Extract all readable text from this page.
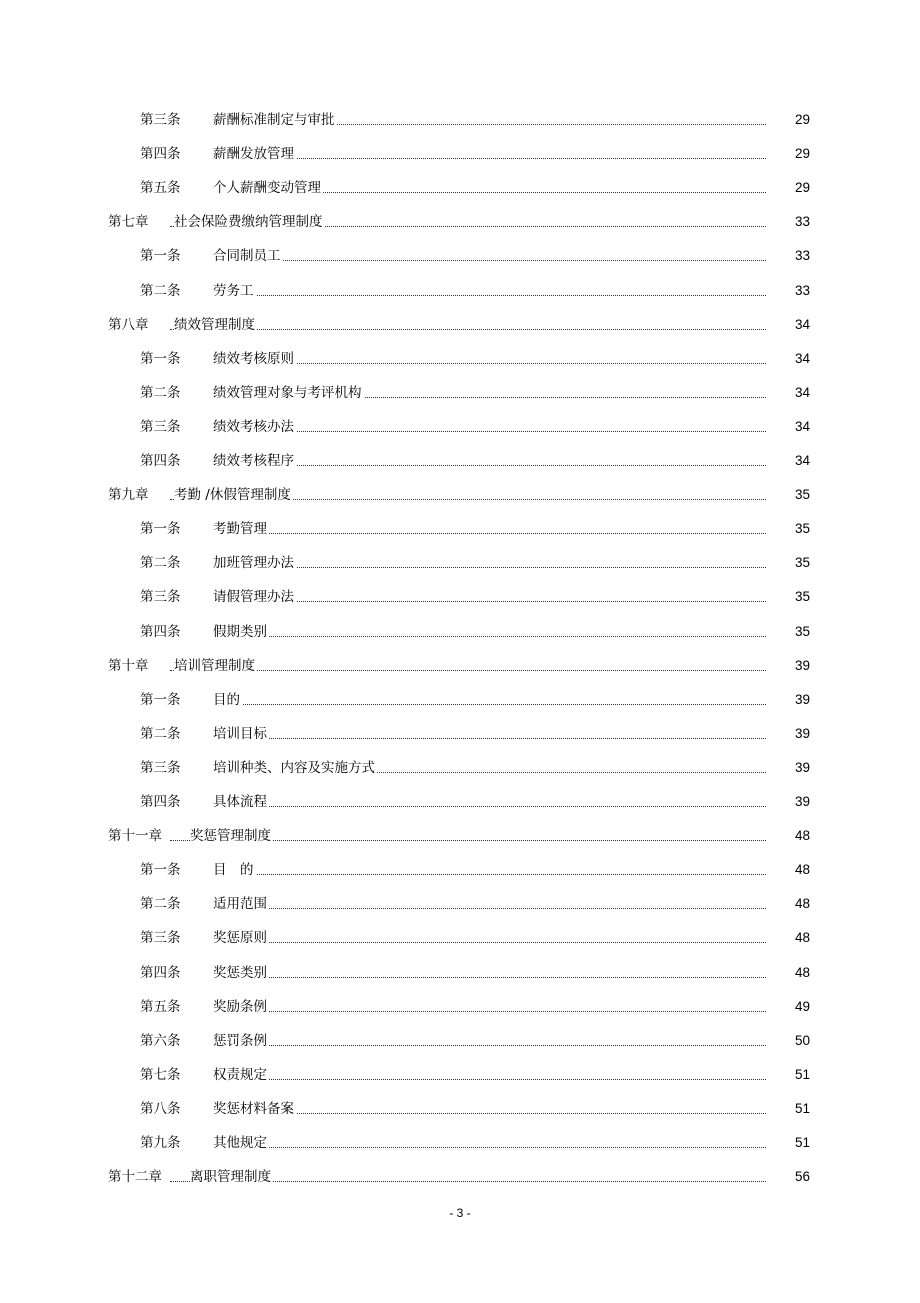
第三条 薪酬标准制定与审批	29
第四条 薪酬发放管理	29
第五条 个人薪酬变动管理	29
第七章 社会保险费缴纳管理制度	33
第一条 合同制员工	33
第二条 劳务工	33
第八章 绩效管理制度	34
第一条 绩效考核原则	34
第二条 绩效管理对象与考评机构	34
第三条 绩效考核办法	34
第四条 绩效考核程序	34
第九章 考勤 /休假管理制度	35
第一条 考勤管理	35
第二条 加班管理办法	35
第三条 请假管理办法	35
第四条 假期类别	35
第十章 培训管理制度	39
第一条 目的	39
第二条 培训目标	39
第三条 培训种类、内容及实施方式	39
第四条 具体流程	39
第十一章 奖惩管理制度	48
第一条 目　的	48
第二条 适用范围	48
第三条 奖惩原则	48
第四条 奖惩类别	48
第五条 奖励条例	49
第六条 惩罚条例	50
第七条 权责规定	51
第八条 奖惩材料备案	51
第九条 其他规定	51
第十二章 离职管理制度	56
- 3 -
